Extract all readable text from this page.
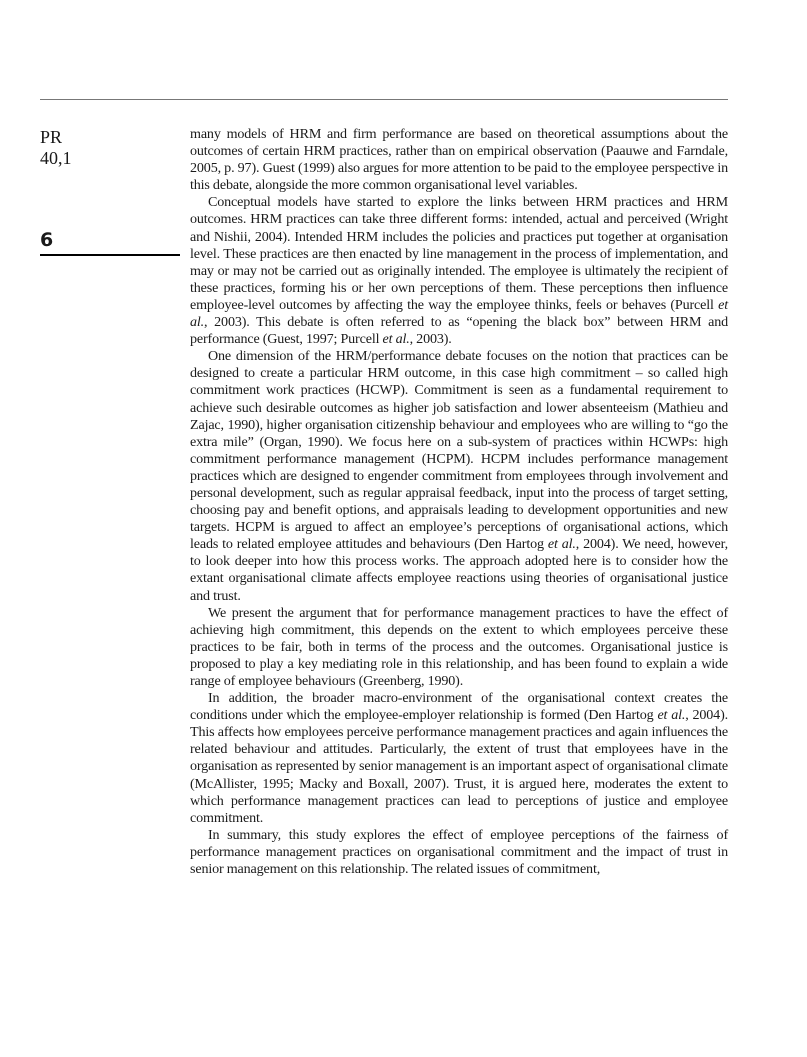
PR
40,1
6

many models of HRM and firm performance are based on theoretical assumptions about the outcomes of certain HRM practices, rather than on empirical observation (Paauwe and Farndale, 2005, p. 97). Guest (1999) also argues for more attention to be paid to the employee perspective in this debate, alongside the more common organisational level variables.

Conceptual models have started to explore the links between HRM practices and HRM outcomes. HRM practices can take three different forms: intended, actual and perceived (Wright and Nishii, 2004). Intended HRM includes the policies and practices put together at organisation level. These practices are then enacted by line management in the process of implementation, and may or may not be carried out as originally intended. The employee is ultimately the recipient of these practices, forming his or her own perceptions of them. These perceptions then influence employee-level outcomes by affecting the way the employee thinks, feels or behaves (Purcell et al., 2003). This debate is often referred to as “opening the black box” between HRM and performance (Guest, 1997; Purcell et al., 2003).

One dimension of the HRM/performance debate focuses on the notion that practices can be designed to create a particular HRM outcome, in this case high commitment – so called high commitment work practices (HCWP). Commitment is seen as a fundamental requirement to achieve such desirable outcomes as higher job satisfaction and lower absenteeism (Mathieu and Zajac, 1990), higher organisation citizenship behaviour and employees who are willing to “go the extra mile” (Organ, 1990). We focus here on a sub-system of practices within HCWPs: high commitment performance management (HCPM). HCPM includes performance management practices which are designed to engender commitment from employees through involvement and personal development, such as regular appraisal feedback, input into the process of target setting, choosing pay and benefit options, and appraisals leading to development opportunities and new targets. HCPM is argued to affect an employee’s perceptions of organisational actions, which leads to related employee attitudes and behaviours (Den Hartog et al., 2004). We need, however, to look deeper into how this process works. The approach adopted here is to consider how the extant organisational climate affects employee reactions using theories of organisational justice and trust.

We present the argument that for performance management practices to have the effect of achieving high commitment, this depends on the extent to which employees perceive these practices to be fair, both in terms of the process and the outcomes. Organisational justice is proposed to play a key mediating role in this relationship, and has been found to explain a wide range of employee behaviours (Greenberg, 1990).

In addition, the broader macro-environment of the organisational context creates the conditions under which the employee-employer relationship is formed (Den Hartog et al., 2004). This affects how employees perceive performance management practices and again influences the related behaviour and attitudes. Particularly, the extent of trust that employees have in the organisation as represented by senior management is an important aspect of organisational climate (McAllister, 1995; Macky and Boxall, 2007). Trust, it is argued here, moderates the extent to which performance management practices can lead to perceptions of justice and employee commitment.

In summary, this study explores the effect of employee perceptions of the fairness of performance management practices on organisational commitment and the impact of trust in senior management on this relationship. The related issues of commitment,
